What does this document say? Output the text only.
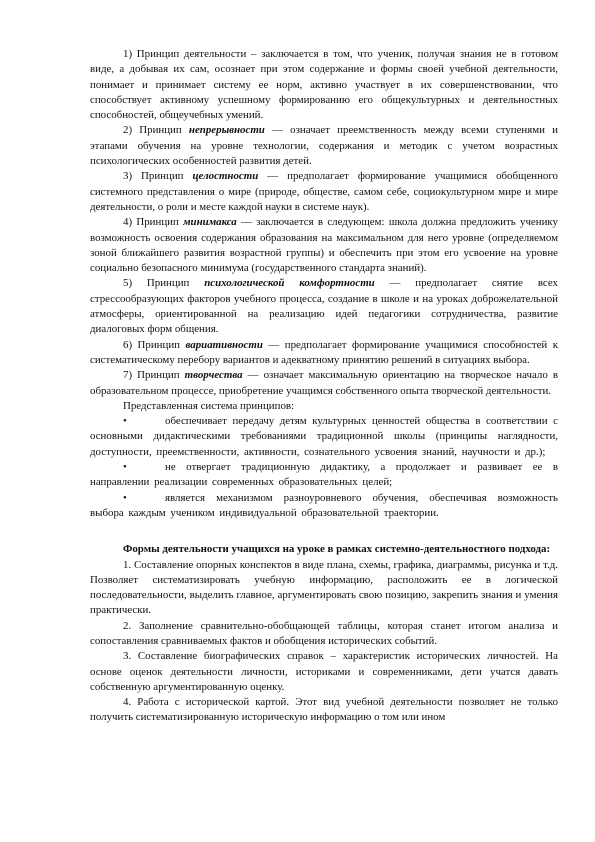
1) Принцип деятельности – заключается в том, что ученик, получая знания не в готовом виде, а добывая их сам, осознает при этом содержание и формы своей учебной деятельности, понимает и принимает систему ее норм, активно участвует в их совершенствовании, что способствует активному успешному формированию его общекультурных и деятельностных способностей, общеучебных умений.

2) Принцип непрерывности — означает преемственность между всеми ступенями и этапами обучения на уровне технологии, содержания и методик с учетом возрастных психологических особенностей развития детей.

3) Принцип целостности — предполагает формирование учащимися обобщенного системного представления о мире (природе, обществе, самом себе, социокультурном мире и мире деятельности, о роли и месте каждой науки в системе наук).

4) Принцип минимакса — заключается в следующем: школа должна предложить ученику возможность освоения содержания образования на максимальном для него уровне (определяемом зоной ближайшего развития возрастной группы) и обеспечить при этом его усвоение на уровне социально безопасного минимума (государственного стандарта знаний).

5) Принцип психологической комфортности — предполагает снятие всех стрессообразующих факторов учебного процесса, создание в школе и на уроках доброжелательной атмосферы, ориентированной на реализацию идей педагогики сотрудничества, развитие диалоговых форм общения.

6) Принцип вариативности — предполагает формирование учащимися способностей к систематическому перебору вариантов и адекватному принятию решений в ситуациях выбора.

7) Принцип творчества — означает максимальную ориентацию на творческое начало в образовательном процессе, приобретение учащимся собственного опыта творческой деятельности.

Представленная система принципов:

•	обеспечивает передачу детям культурных ценностей общества в соответствии с основными дидактическими требованиями традиционной школы (принципы наглядности, доступности, преемственности, активности, сознательного усвоения знаний, научности и др.);

•	не отвергает традиционную дидактику, а продолжает и развивает ее в направлении реализации современных образовательных целей;

•	является механизмом разноуровневого обучения, обеспечивая возможность выбора каждым учеником индивидуальной образовательной траектории.

Формы деятельности учащихся на уроке в рамках системно-деятельностного подхода:

1. Составление опорных конспектов в виде плана, схемы, графика, диаграммы, рисунка и т.д. Позволяет систематизировать учебную информацию, расположить ее в логической последовательности, выделить главное, аргументировать свою позицию, закрепить знания и умения практически.

2. Заполнение сравнительно-обобщающей таблицы, которая станет итогом анализа и сопоставления сравниваемых фактов и обобщения исторических событий.

3. Составление биографических справок – характеристик исторических личностей. На основе оценок деятельности личности, историками и современниками, дети учатся давать собственную аргументированную оценку.

4. Работа с исторической картой. Этот вид учебной деятельности позволяет не только получить систематизированную историческую информацию о том или ином
